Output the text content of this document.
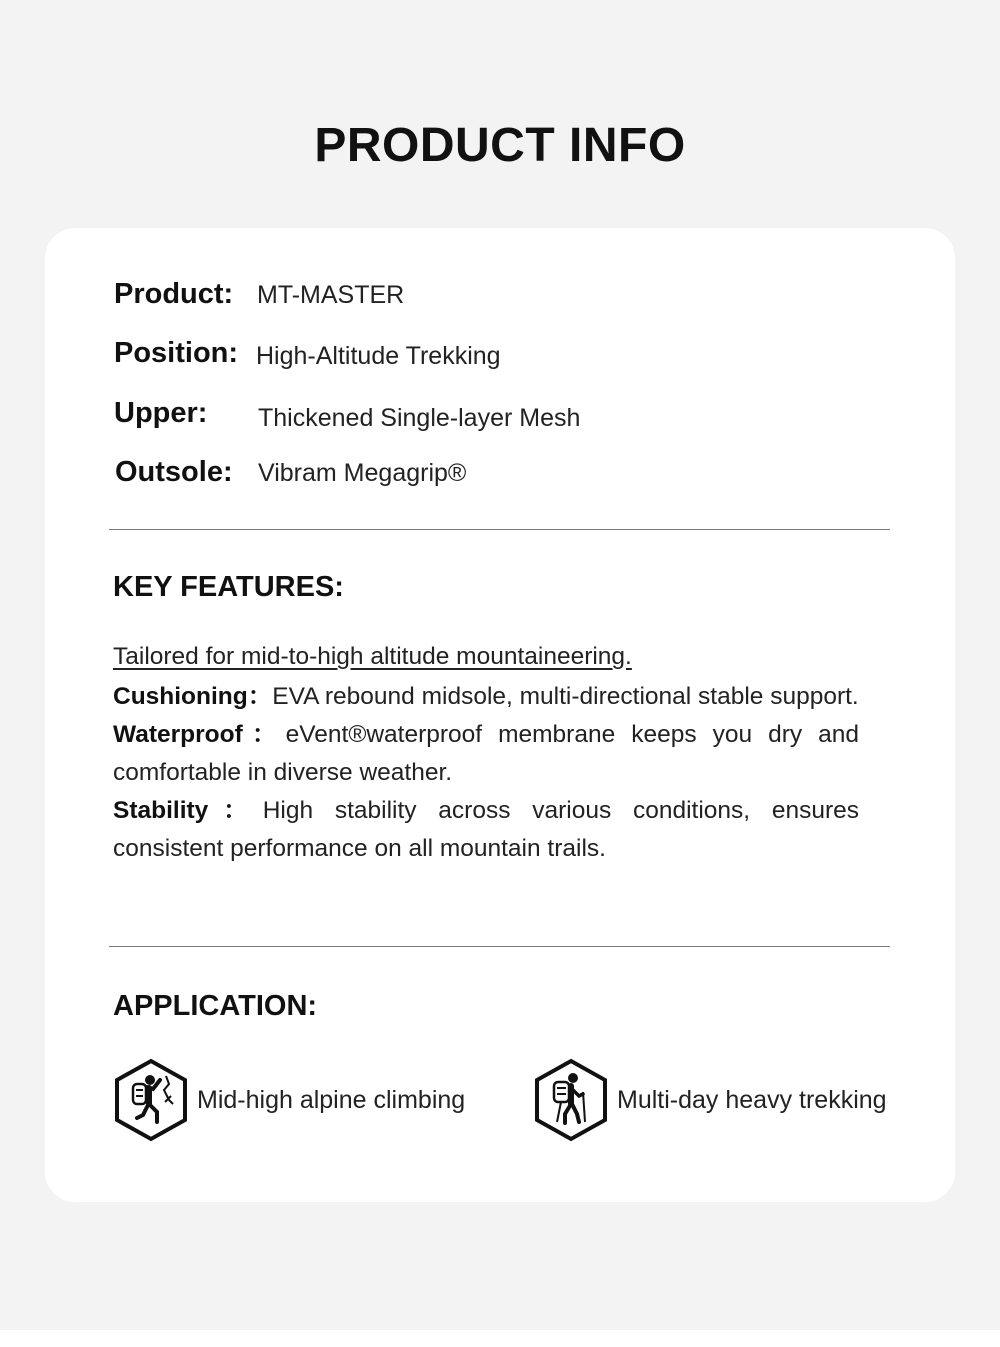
PRODUCT INFO
Product: MT-MASTER
Position: High-Altitude Trekking
Upper: Thickened Single-layer Mesh
Outsole: Vibram Megagrip®
KEY FEATURES:

Tailored for mid-to-high altitude mountaineering.

Cushioning：EVA rebound midsole, multi-directional stable support.

Waterproof：eVent®waterproof membrane keeps you dry and comfortable in diverse weather.

Stability：High stability across various conditions, ensures consistent performance on all mountain trails.

APPLICATION:
Mid-high alpine climbing	Multi-day heavy trekking
